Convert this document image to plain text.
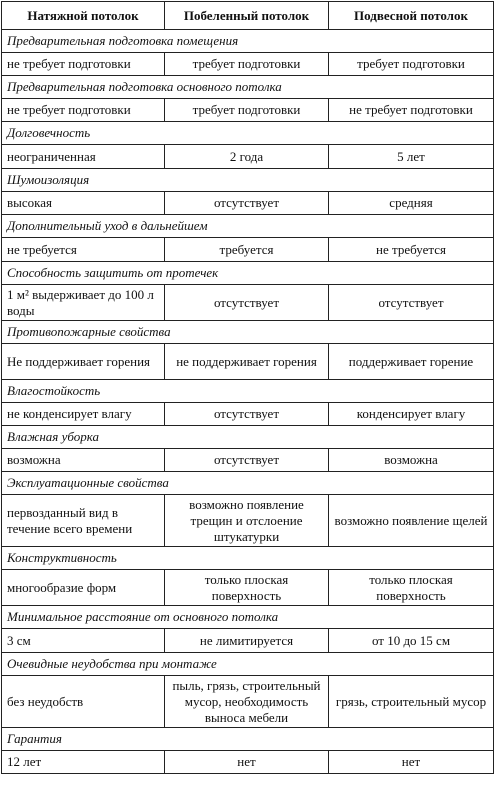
Натяжной потолок	Побеленный потолок	Подвесной потолок
Предварительная подготовка помещения		
не требует подготовки	требует подготовки	требует подготовки
Предварительная подготовка основного потолка		
не требует подготовки	требует подготовки	не требует подготовки
Долговечность		
неограниченная	2 года	5 лет
Шумоизоляция		
высокая	отсутствует	средняя
Дополнительный уход в дальнейшем		
не требуется	требуется	не требуется
Способность защитить от протечек		
1 м² выдерживает до 100 л воды	отсутствует	отсутствует
Противопожарные свойства		
Не поддерживает горения	не поддерживает горения	поддерживает горение
Влагостойкость		
не конденсирует влагу	отсутствует	конденсирует влагу
Влажная уборка		
возможна	отсутствует	возможна
Эксплуатационные свойства		
первозданный вид в течение всего времени	возможно появление трещин и отслоение штукатурки	возможно появление щелей
Конструктивность		
многообразие форм	только плоская поверхность	только плоская поверхность
Минимальное расстояние от основного потолка		
3 см	не лимитируется	от 10 до 15 см
Очевидные неудобства при монтаже		
без неудобств	пыль, грязь, строительный мусор, необходимость выноса мебели	грязь, строительный мусор
Гарантия		
12 лет	нет	нет
